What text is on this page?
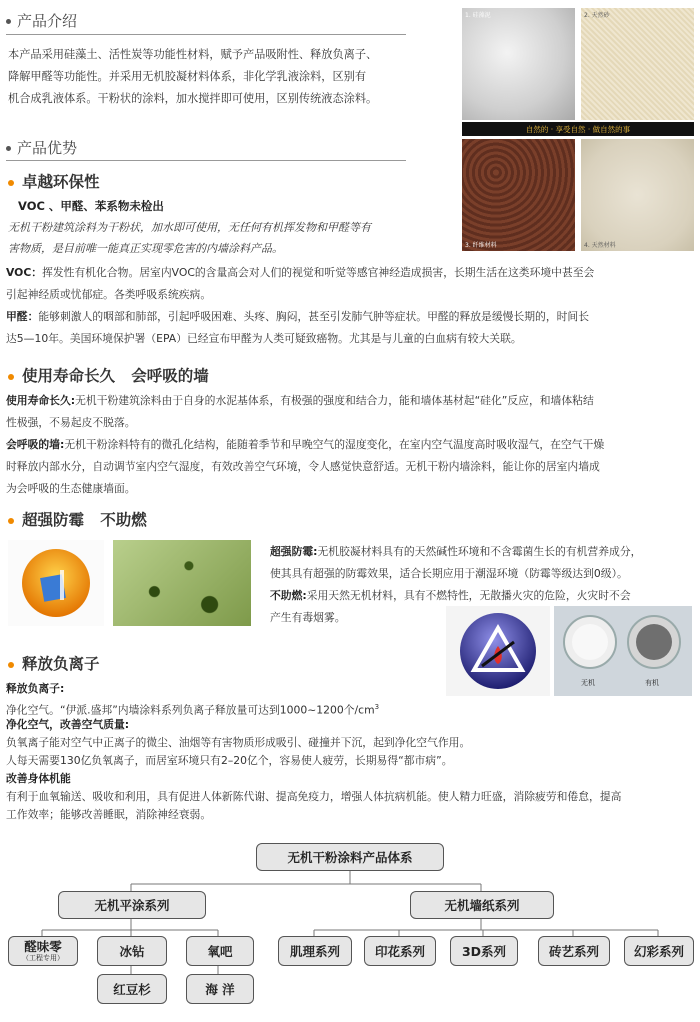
产品介绍
本产品采用硅藻土、活性炭等功能性材料，赋予产品吸附性、释放负离子、
降解甲醛等功能性。并采用无机胶凝材料体系，非化学乳液涂料，区别有
机合成乳液体系。干粉状的涂料，加水搅拌即可使用，区别传统液态涂料。
1. 硅藻泥	2. 天然砂
自然的 · 享受自然 · 做自然的事
3. 纤维材料	4. 天然材料
产品优势
卓越环保性
VOC 、甲醛、苯系物未检出
无机干粉建筑涂料为干粉状，加水即可使用，无任何有机挥发物和甲醛等有
害物质，是目前唯一能真正实现零危害的内墙涂料产品。
VOC：挥发性有机化合物。居室内VOC的含量高会对人们的视觉和听觉等感官神经造成损害，长期生活在这类环境中甚至会
引起神经质或忧郁症。各类呼吸系统疾病。
甲醛：能够刺激人的咽部和肺部，引起呼吸困难、头疼、胸闷，甚至引发肺气肿等症状。甲醛的释放是缓慢长期的，时间长
达5—10年。美国环境保护署（EPA）已经宣布甲醛为人类可疑致癌物。尤其是与儿童的白血病有较大关联。
使用寿命长久   会呼吸的墙
使用寿命长久:无机干粉建筑涂料由于自身的水泥基体系，有极强的强度和结合力，能和墙体基材起“硅化”反应，和墙体粘结
性极强，不易起皮不脱落。
会呼吸的墙:无机干粉涂料特有的微孔化结构，能随着季节和早晚空气的湿度变化，在室内空气温度高时吸收湿气，在空气干燥
时释放内部水分，自动调节室内空气湿度，有效改善空气环境，令人感觉快意舒适。无机干粉内墙涂料，能让你的居室内墙成
为会呼吸的生态健康墙面。
超强防霉   不助燃
超强防霉:无机胶凝材料具有的天然碱性环境和不含霉菌生长的有机营养成分，
使其具有超强的防霉效果，适合长期应用于潮湿环境（防霉等级达到0级）。
不助燃:采用天然无机材料，具有不燃特性，无散播火灾的危险，火灾时不会
产生有毒烟雾。
无机	有机
释放负离子
释放负离子:
净化空气。“伊派.盛邦”内墙涂料系列负离子释放量可达到1000~1200个$/cm^3$
净化空气，改善空气质量:
负氧离子能对空气中正离子的微尘、油烟等有害物质形成吸引、碰撞并下沉，起到净化空气作用。
人每天需要130亿负氧离子，而居室环境只有2–20亿个，容易使人疲劳，长期易得“都市病”。
改善身体机能
有利于血氧输送、吸收和利用，具有促进人体新陈代谢、提高免疫力，增强人体抗病机能。使人精力旺盛，消除疲劳和倦怠，提高
工作效率；能够改善睡眠，消除神经衰弱。
无机干粉涂料产品体系
无机平涂系列	无机墙纸系列
醛味零
（工程专用）	冰钻	氧吧
红豆杉	海 洋
肌理系列	印花系列	3D系列	砖艺系列	幻彩系列
